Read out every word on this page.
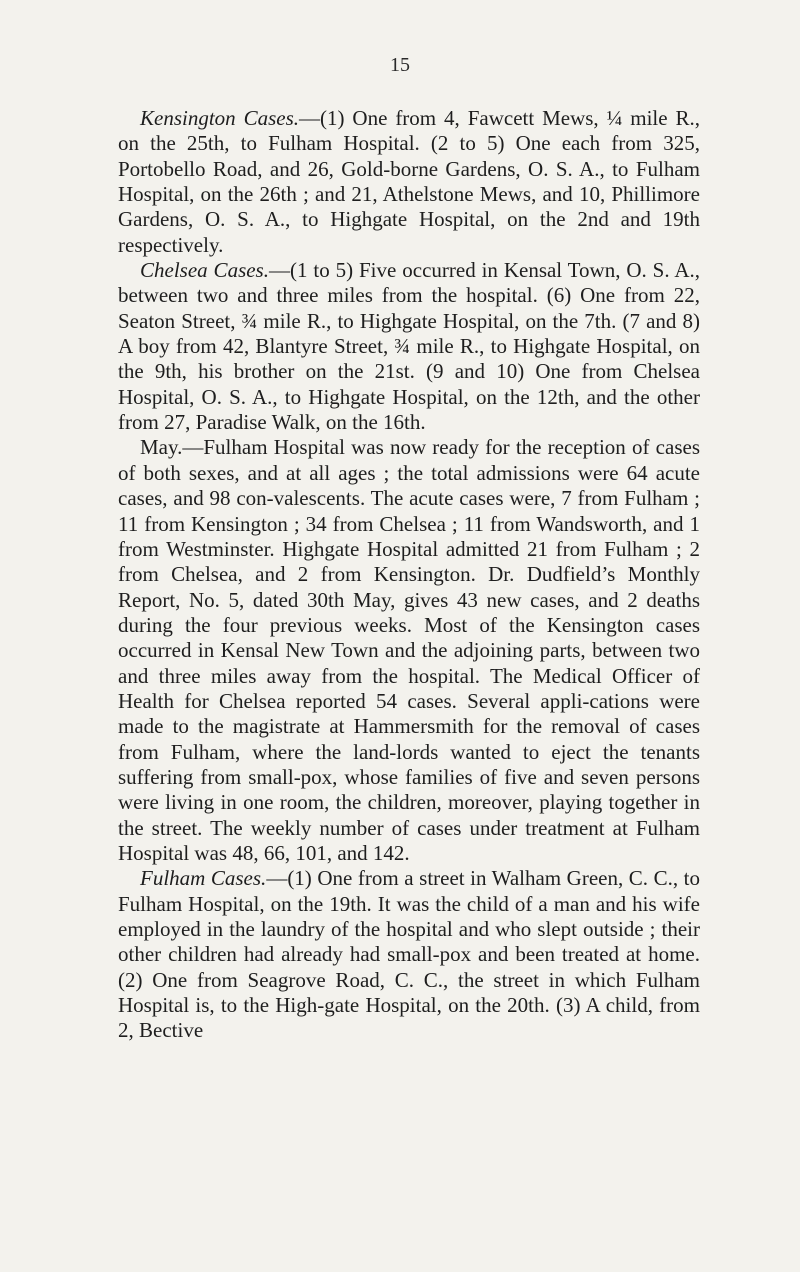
15

Kensington Cases.—(1) One from 4, Fawcett Mews, ¼ mile R., on the 25th, to Fulham Hospital. (2 to 5) One each from 325, Portobello Road, and 26, Gold-borne Gardens, O. S. A., to Fulham Hospital, on the 26th ; and 21, Athelstone Mews, and 10, Phillimore Gardens, O. S. A., to Highgate Hospital, on the 2nd and 19th respectively.

Chelsea Cases.—(1 to 5) Five occurred in Kensal Town, O. S. A., between two and three miles from the hospital. (6) One from 22, Seaton Street, ¾ mile R., to Highgate Hospital, on the 7th. (7 and 8) A boy from 42, Blantyre Street, ¾ mile R., to Highgate Hospital, on the 9th, his brother on the 21st. (9 and 10) One from Chelsea Hospital, O. S. A., to Highgate Hospital, on the 12th, and the other from 27, Paradise Walk, on the 16th.

May.—Fulham Hospital was now ready for the reception of cases of both sexes, and at all ages ; the total admissions were 64 acute cases, and 98 con-valescents. The acute cases were, 7 from Fulham ; 11 from Kensington ; 34 from Chelsea ; 11 from Wandsworth, and 1 from Westminster. Highgate Hospital admitted 21 from Fulham ; 2 from Chelsea, and 2 from Kensington. Dr. Dudfield’s Monthly Report, No. 5, dated 30th May, gives 43 new cases, and 2 deaths during the four previous weeks. Most of the Kensington cases occurred in Kensal New Town and the adjoining parts, between two and three miles away from the hospital. The Medical Officer of Health for Chelsea reported 54 cases. Several appli-cations were made to the magistrate at Hammersmith for the removal of cases from Fulham, where the land-lords wanted to eject the tenants suffering from small-pox, whose families of five and seven persons were living in one room, the children, moreover, playing together in the street. The weekly number of cases under treatment at Fulham Hospital was 48, 66, 101, and 142.

Fulham Cases.—(1) One from a street in Walham Green, C. C., to Fulham Hospital, on the 19th. It was the child of a man and his wife employed in the laundry of the hospital and who slept outside ; their other children had already had small-pox and been treated at home. (2) One from Seagrove Road, C. C., the street in which Fulham Hospital is, to the High-gate Hospital, on the 20th. (3) A child, from 2, Bective
